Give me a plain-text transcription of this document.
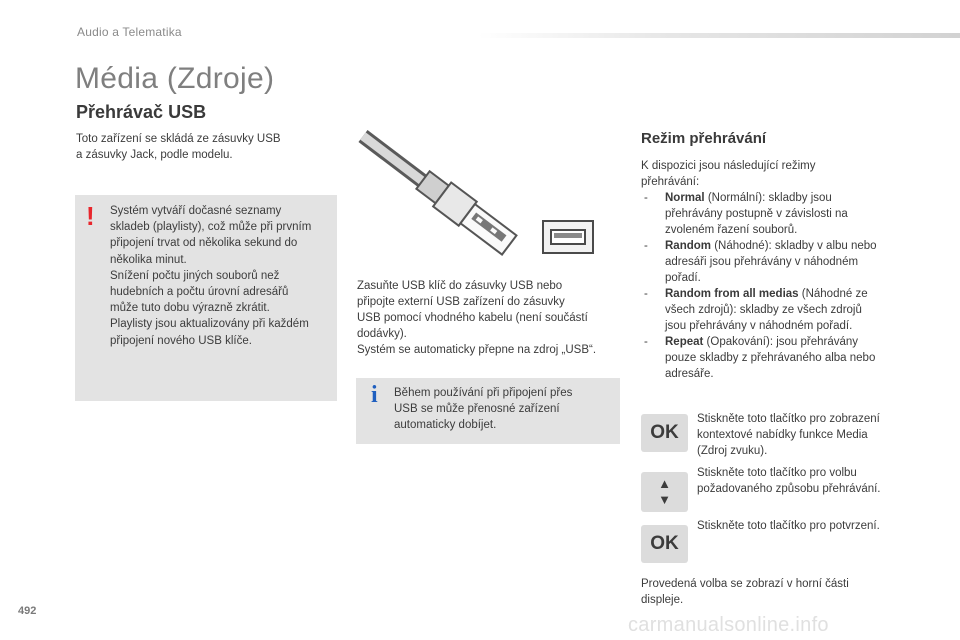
Audio a Telematika
Média (Zdroje)
Přehrávač USB
Toto zařízení se skládá ze zásuvky USB
a zásuvky Jack, podle modelu.
! Systém vytváří dočasné seznamy
skladeb (playlisty), což může při prvním
připojení trvat od několika sekund do
několika minut.
Snížení počtu jiných souborů než
hudebních a počtu úrovní adresářů
může tuto dobu výrazně zkrátit.
Playlisty jsou aktualizovány při každém
připojení nového USB klíče.
Zasuňte USB klíč do zásuvky USB nebo
připojte externí USB zařízení do zásuvky
USB pomocí vhodného kabelu (není součástí
dodávky).
Systém se automaticky přepne na zdroj „USB“.
i Během používání při připojení přes
USB se může přenosné zařízení
automaticky dobíjet.
Režim přehrávání
K dispozici jsou následující režimy
přehrávání:
- Normal (Normální): skladby jsou
přehrávány postupně v závislosti na
zvoleném řazení souborů.
- Random (Náhodné): skladby v albu nebo
adresáři jsou přehrávány v náhodném
pořadí.
- Random from all medias (Náhodné ze
všech zdrojů): skladby ze všech zdrojů
jsou přehrávány v náhodném pořadí.
- Repeat (Opakování): jsou přehrávány
pouze skladby z přehrávaného alba nebo
adresáře.
OK
Stiskněte toto tlačítko pro zobrazení
kontextové nabídky funkce Media
(Zdroj zvuku).
▲
▼
Stiskněte toto tlačítko pro volbu
požadovaného způsobu přehrávání.
OK
Stiskněte toto tlačítko pro potvrzení.
Provedená volba se zobrazí v horní části
displeje.
492
carmanualsonline.info
